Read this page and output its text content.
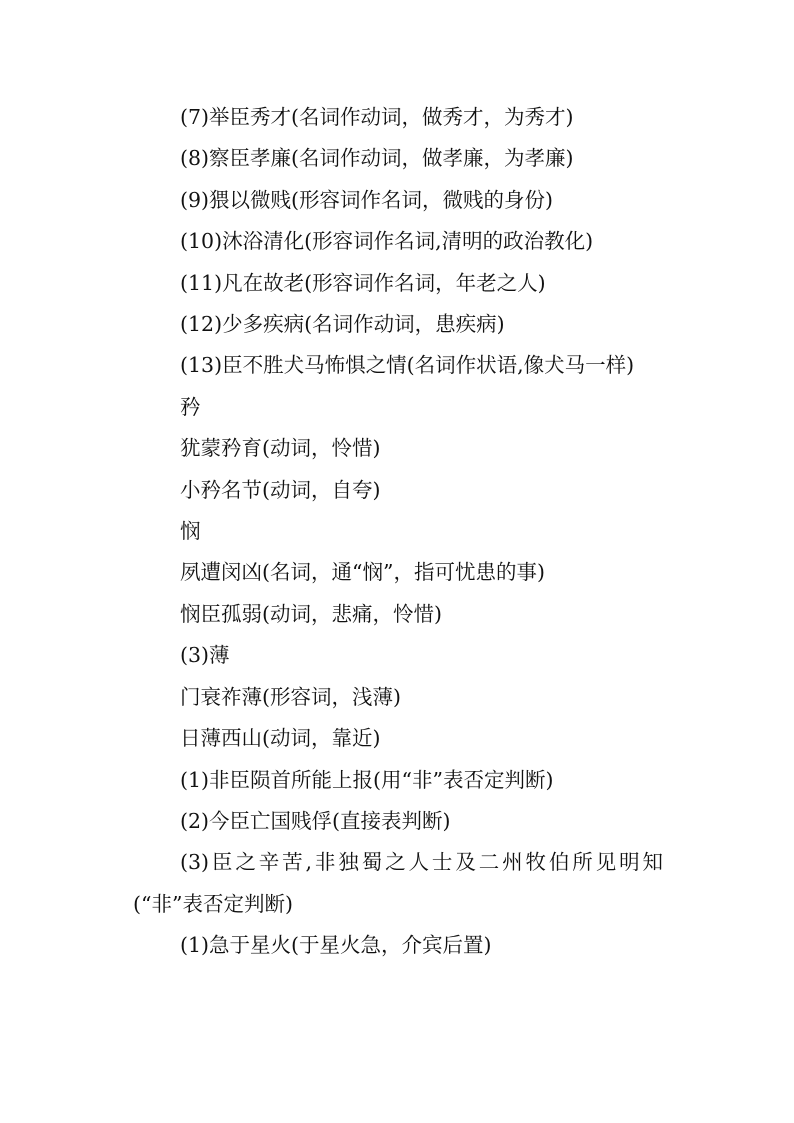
(7)举臣秀才(名词作动词，做秀才，为秀才)

(8)察臣孝廉(名词作动词，做孝廉，为孝廉)

(9)猥以微贱(形容词作名词，微贱的身份)

(10)沐浴清化(形容词作名词,清明的政治教化)

(11)凡在故老(形容词作名词，年老之人)

(12)少多疾病(名词作动词，患疾病)

(13)臣不胜犬马怖惧之情(名词作状语,像犬马一样)

矜

犹蒙矜育(动词，怜惜)

小矜名节(动词，自夸)

悯

夙遭闵凶(名词，通“悯”，指可忧患的事)

悯臣孤弱(动词，悲痛，怜惜)

(3)薄

门衰祚薄(形容词，浅薄)

日薄西山(动词，靠近)

(1)非臣陨首所能上报(用“非”表否定判断)

(2)今臣亡国贱俘(直接表判断)

(3)臣之辛苦,非独蜀之人士及二州牧伯所见明知(“非”表否定判断)

(1)急于星火(于星火急，介宾后置)
